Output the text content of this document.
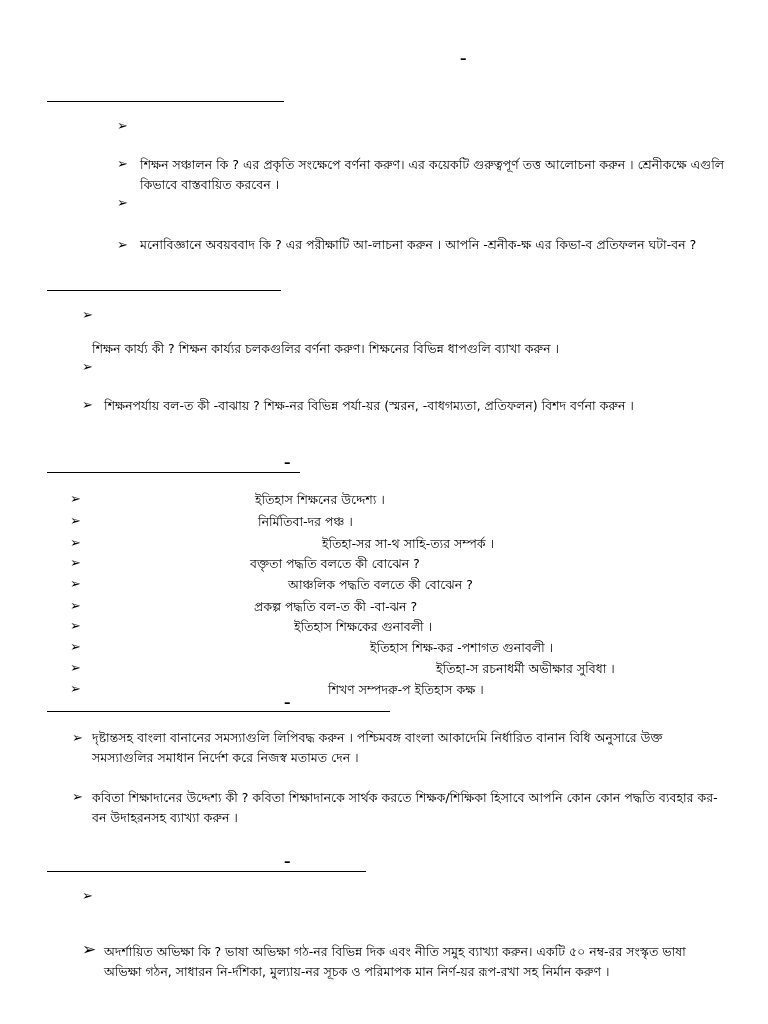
–
➢
➢ শিক্ষন সঞ্চালন কি ? এর প্রকৃতি সংক্ষেপে বর্ণনা করুণ। এর কয়েকটি গুরুত্বপূর্ণ তত্ত আলোচনা করুন । শ্রেনীকক্ষে এগুলি কিভাবে বাস্তবায়িত করবেন ।
➢
➢ মনোবিজ্ঞানে অবয়ববাদ কি ? এর পরীক্ষাটি আ-লাচনা করুন । আপনি -শ্রনীক-ক্ষ এর কিভা-ব প্রতিফলন ঘটা-বন ?
➢
শিক্ষন কার্য্য কী ? শিক্ষন কার্য্যর চলকগুলির বর্ণনা করুণ। শিক্ষনের বিভিন্ন ধাপগুলি ব্যাখা করুন ।
➢
➢ শিক্ষনপর্যায় বল-ত কী -বাঝায় ? শিক্ষ-নর বিভিন্ন পর্যা-য়র (স্মরন, -বাধগম্যতা, প্রতিফলন) বিশদ বর্ণনা করুন ।
–
➢	ইতিহাস শিক্ষনের উদ্দেশ্য ।
➢	নির্মিতিবা-দর পঞ্চ ।
➢	ইতিহা-সর সা-থ সাহি-ত্যর সম্পর্ক ।
➢	বক্তৃতা পদ্ধতি বলতে কী বোঝেন ?
➢	আঞ্চলিক পদ্ধতি বলতে কী বোঝেন ?
➢	প্রকল্প পদ্ধতি বল-ত কী -বা-ঝন ?
➢	ইতিহাস শিক্ষকের গুনাবলী ।
➢	ইতিহাস শিক্ষ-কর -পশাগত গুনাবলী ।
➢	ইতিহা-স রচনাধর্মী অভীক্ষার সুবিধা ।
➢	শিখণ সম্পদরু-প ইতিহাস কক্ষ ।
–
➢ দৃষ্টান্তসহ বাংলা বানানের সমস্যাগুলি লিপিবদ্ধ করুন । পশ্চিমবঙ্গ বাংলা আকাদেমি নির্ধারিত বানান বিধি অনুসারে উক্ত সমস্যাগুলির সমাধান নির্দেশ করে নিজস্ব মতামত দেন ।
➢ কবিতা শিক্ষাদানের উদ্দেশ্য কী ? কবিতা শিক্ষাদানকে সার্থক করতে শিক্ষক/শিক্ষিকা হিসাবে আপনি কোন কোন পদ্ধতি ব্যবহার কর-বন উদাহরনসহ ব্যাখ্যা করুন ।
–
➢
➢ অদর্শায়িত অভিক্ষা কি ? ভাষা অভিক্ষা গঠ-নর বিভিন্ন দিক এবং নীতি সমুহ ব্যাখ্যা করুন। একটি ৫০ নম্ব-রর সংস্কৃত ভাষা অভিক্ষা গঠন, সাধারন নি-র্দশিকা, মুল্যায়-নর সূচক ও পরিমাপক মান নির্ণ-য়র রূপ-রখা সহ নির্মান করুণ ।
